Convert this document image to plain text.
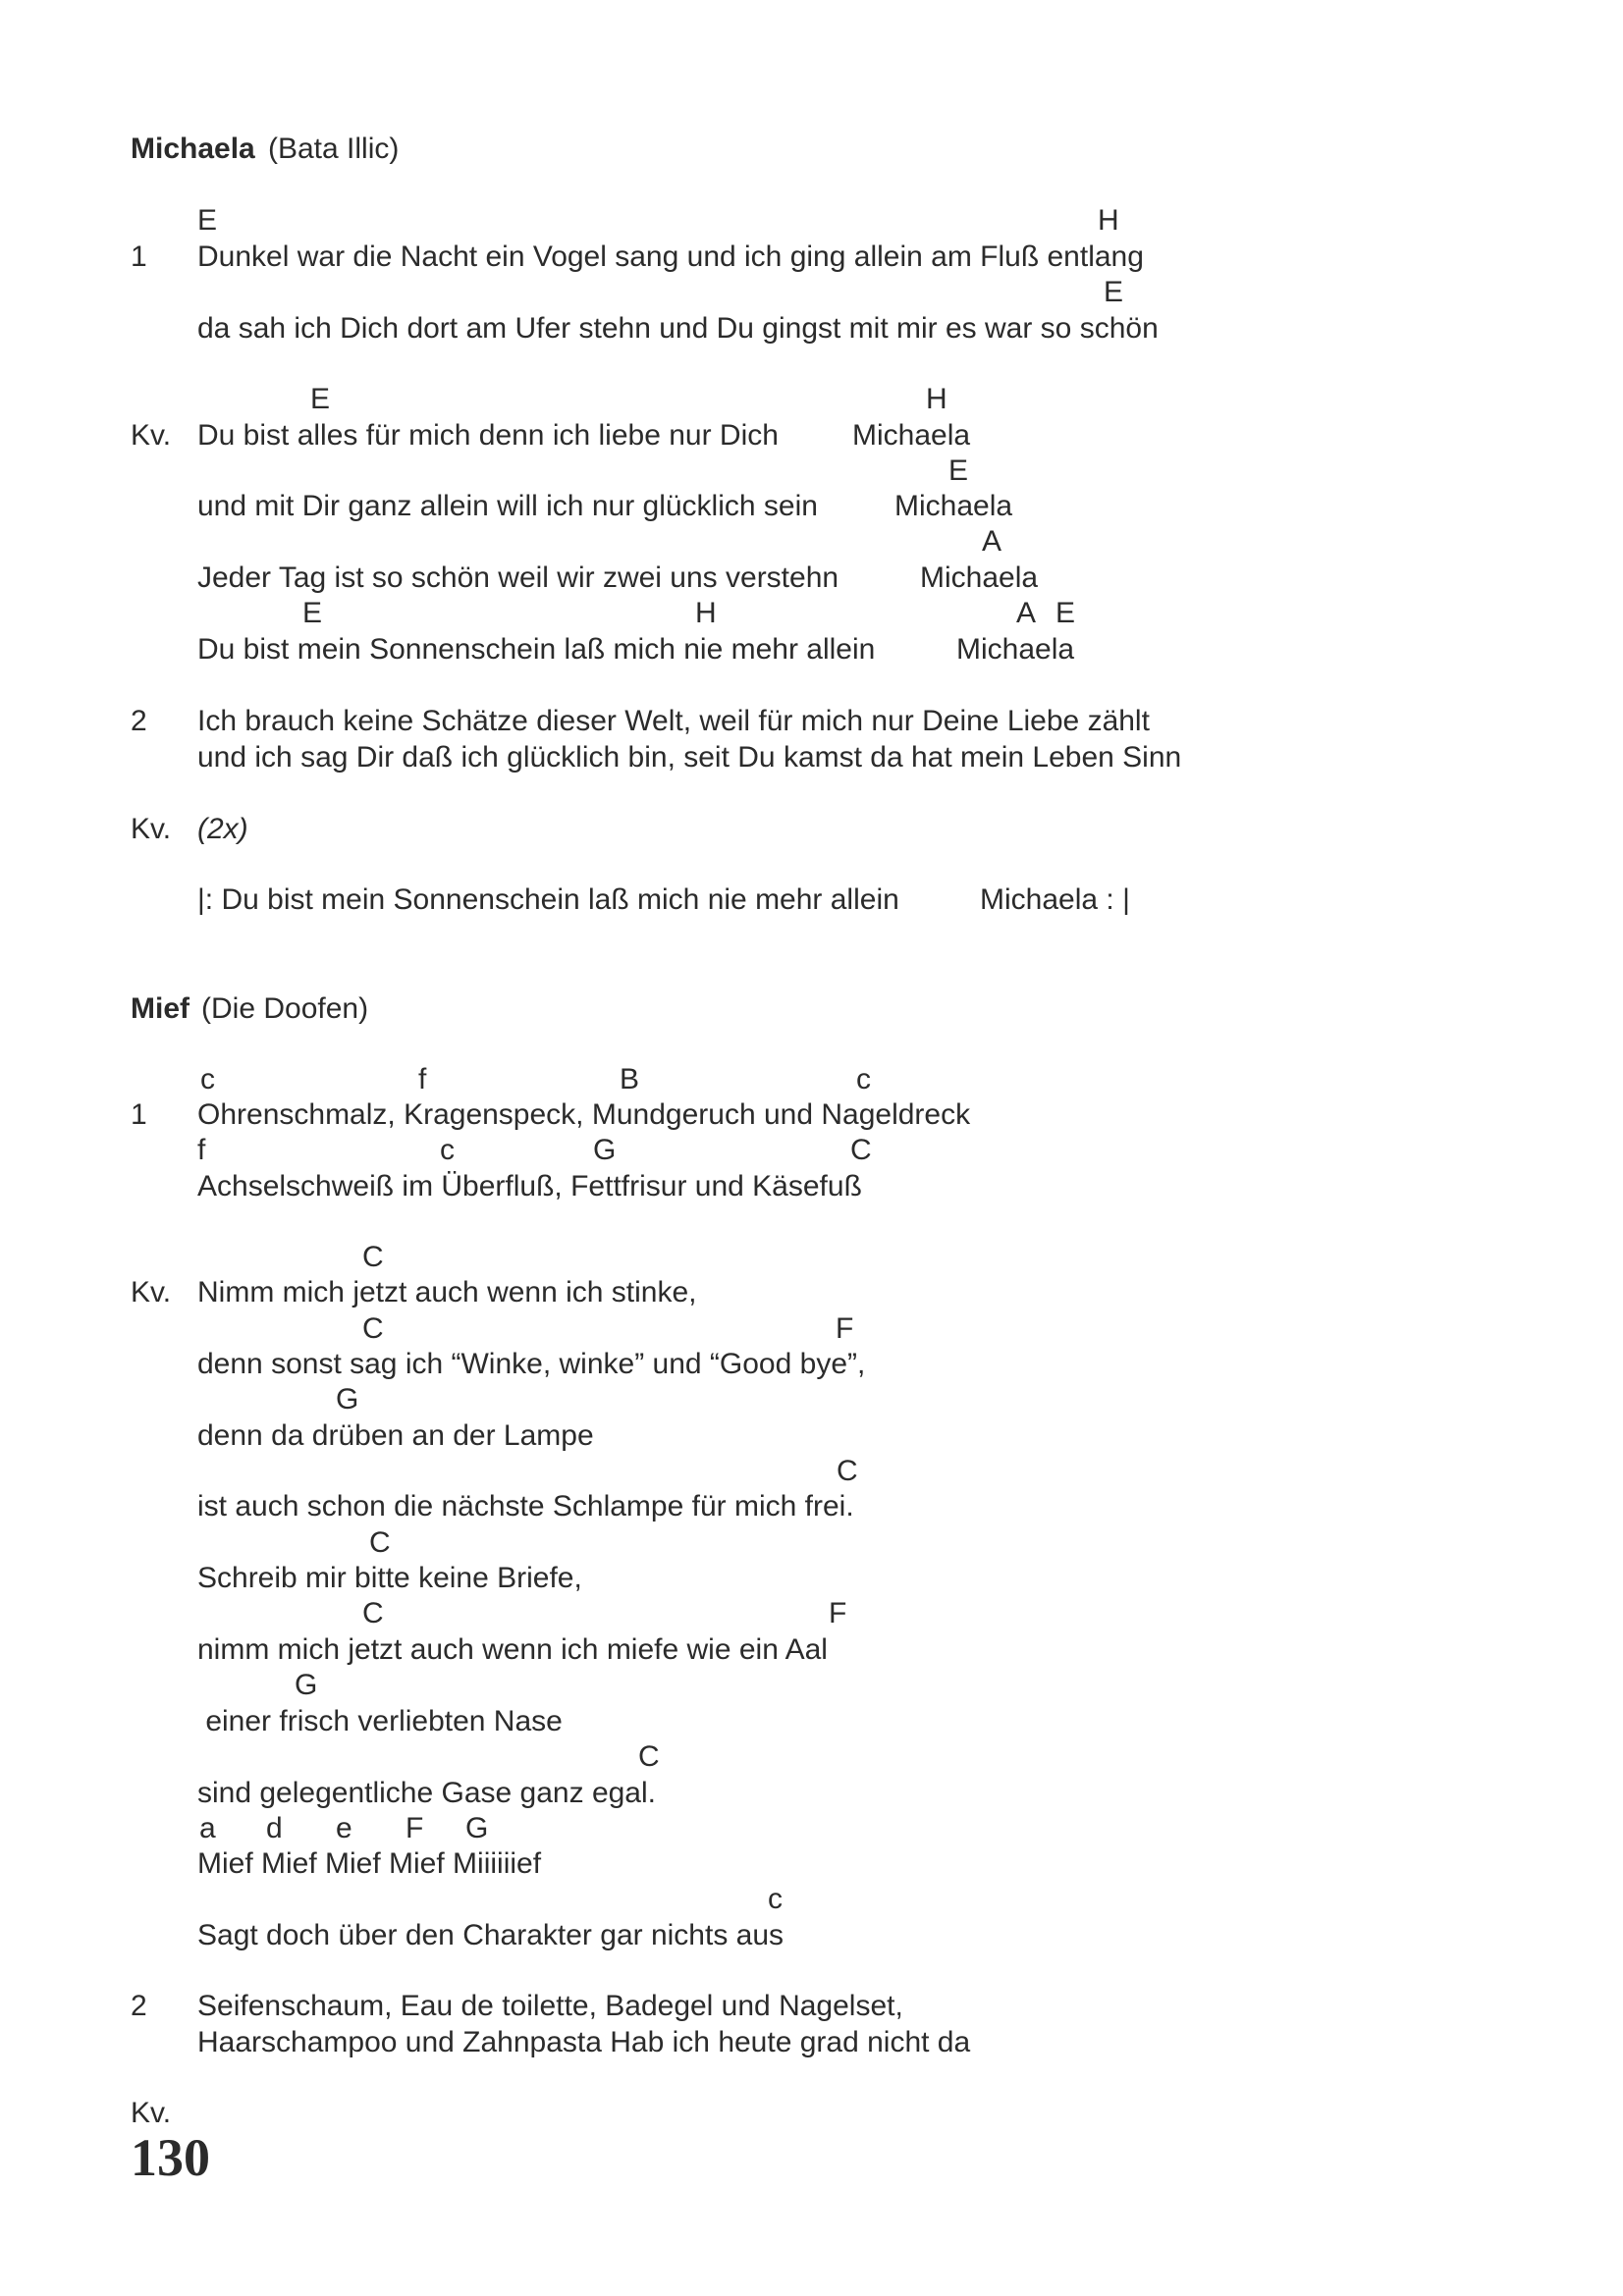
Michaela (Bata Illic)
E	H
1 Dunkel war die Nacht ein Vogel sang und ich ging allein am Fluß entlang
E
da sah ich Dich dort am Ufer stehn und Du gingst mit mir es war so schön
E	H
Kv. Du bist alles für mich denn ich liebe nur Dich	Michaela
E
und mit Dir ganz allein will ich nur glücklich sein	Michaela
A
Jeder Tag ist so schön weil wir zwei uns verstehn	Michaela
E	H	A E
Du bist mein Sonnenschein laß mich nie mehr allein	Michaela
2 Ich brauch keine Schätze dieser Welt, weil für mich nur Deine Liebe zählt
und ich sag Dir daß ich glücklich bin, seit Du kamst da hat mein Leben Sinn
Kv. (2x)
|: Du bist mein Sonnenschein laß mich nie mehr allein	Michaela : |
Mief (Die Doofen)
c	f	B	c
1 Ohrenschmalz, Kragenspeck, Mundgeruch und Nageldreck
f	c	G	C
Achselschweiß im Überfluß, Fettfrisur und Käsefuß
C
Kv. Nimm mich jetzt auch wenn ich stinke,
C	F
denn sonst sag ich “Winke, winke” und “Good bye”,
G
denn da drüben an der Lampe
C
ist auch schon die nächste Schlampe für mich frei.
C
Schreib mir bitte keine Briefe,
C	F
nimm mich jetzt auch wenn ich miefe wie ein Aal
G
einer frisch verliebten Nase
C
sind gelegentliche Gase ganz egal.
a d e F G
Mief Mief Mief Mief Miiiiiief
c
Sagt doch über den Charakter gar nichts aus
2 Seifenschaum, Eau de toilette, Badegel und Nagelset,
Haarschampoo und Zahnpasta Hab ich heute grad nicht da
Kv.
130
